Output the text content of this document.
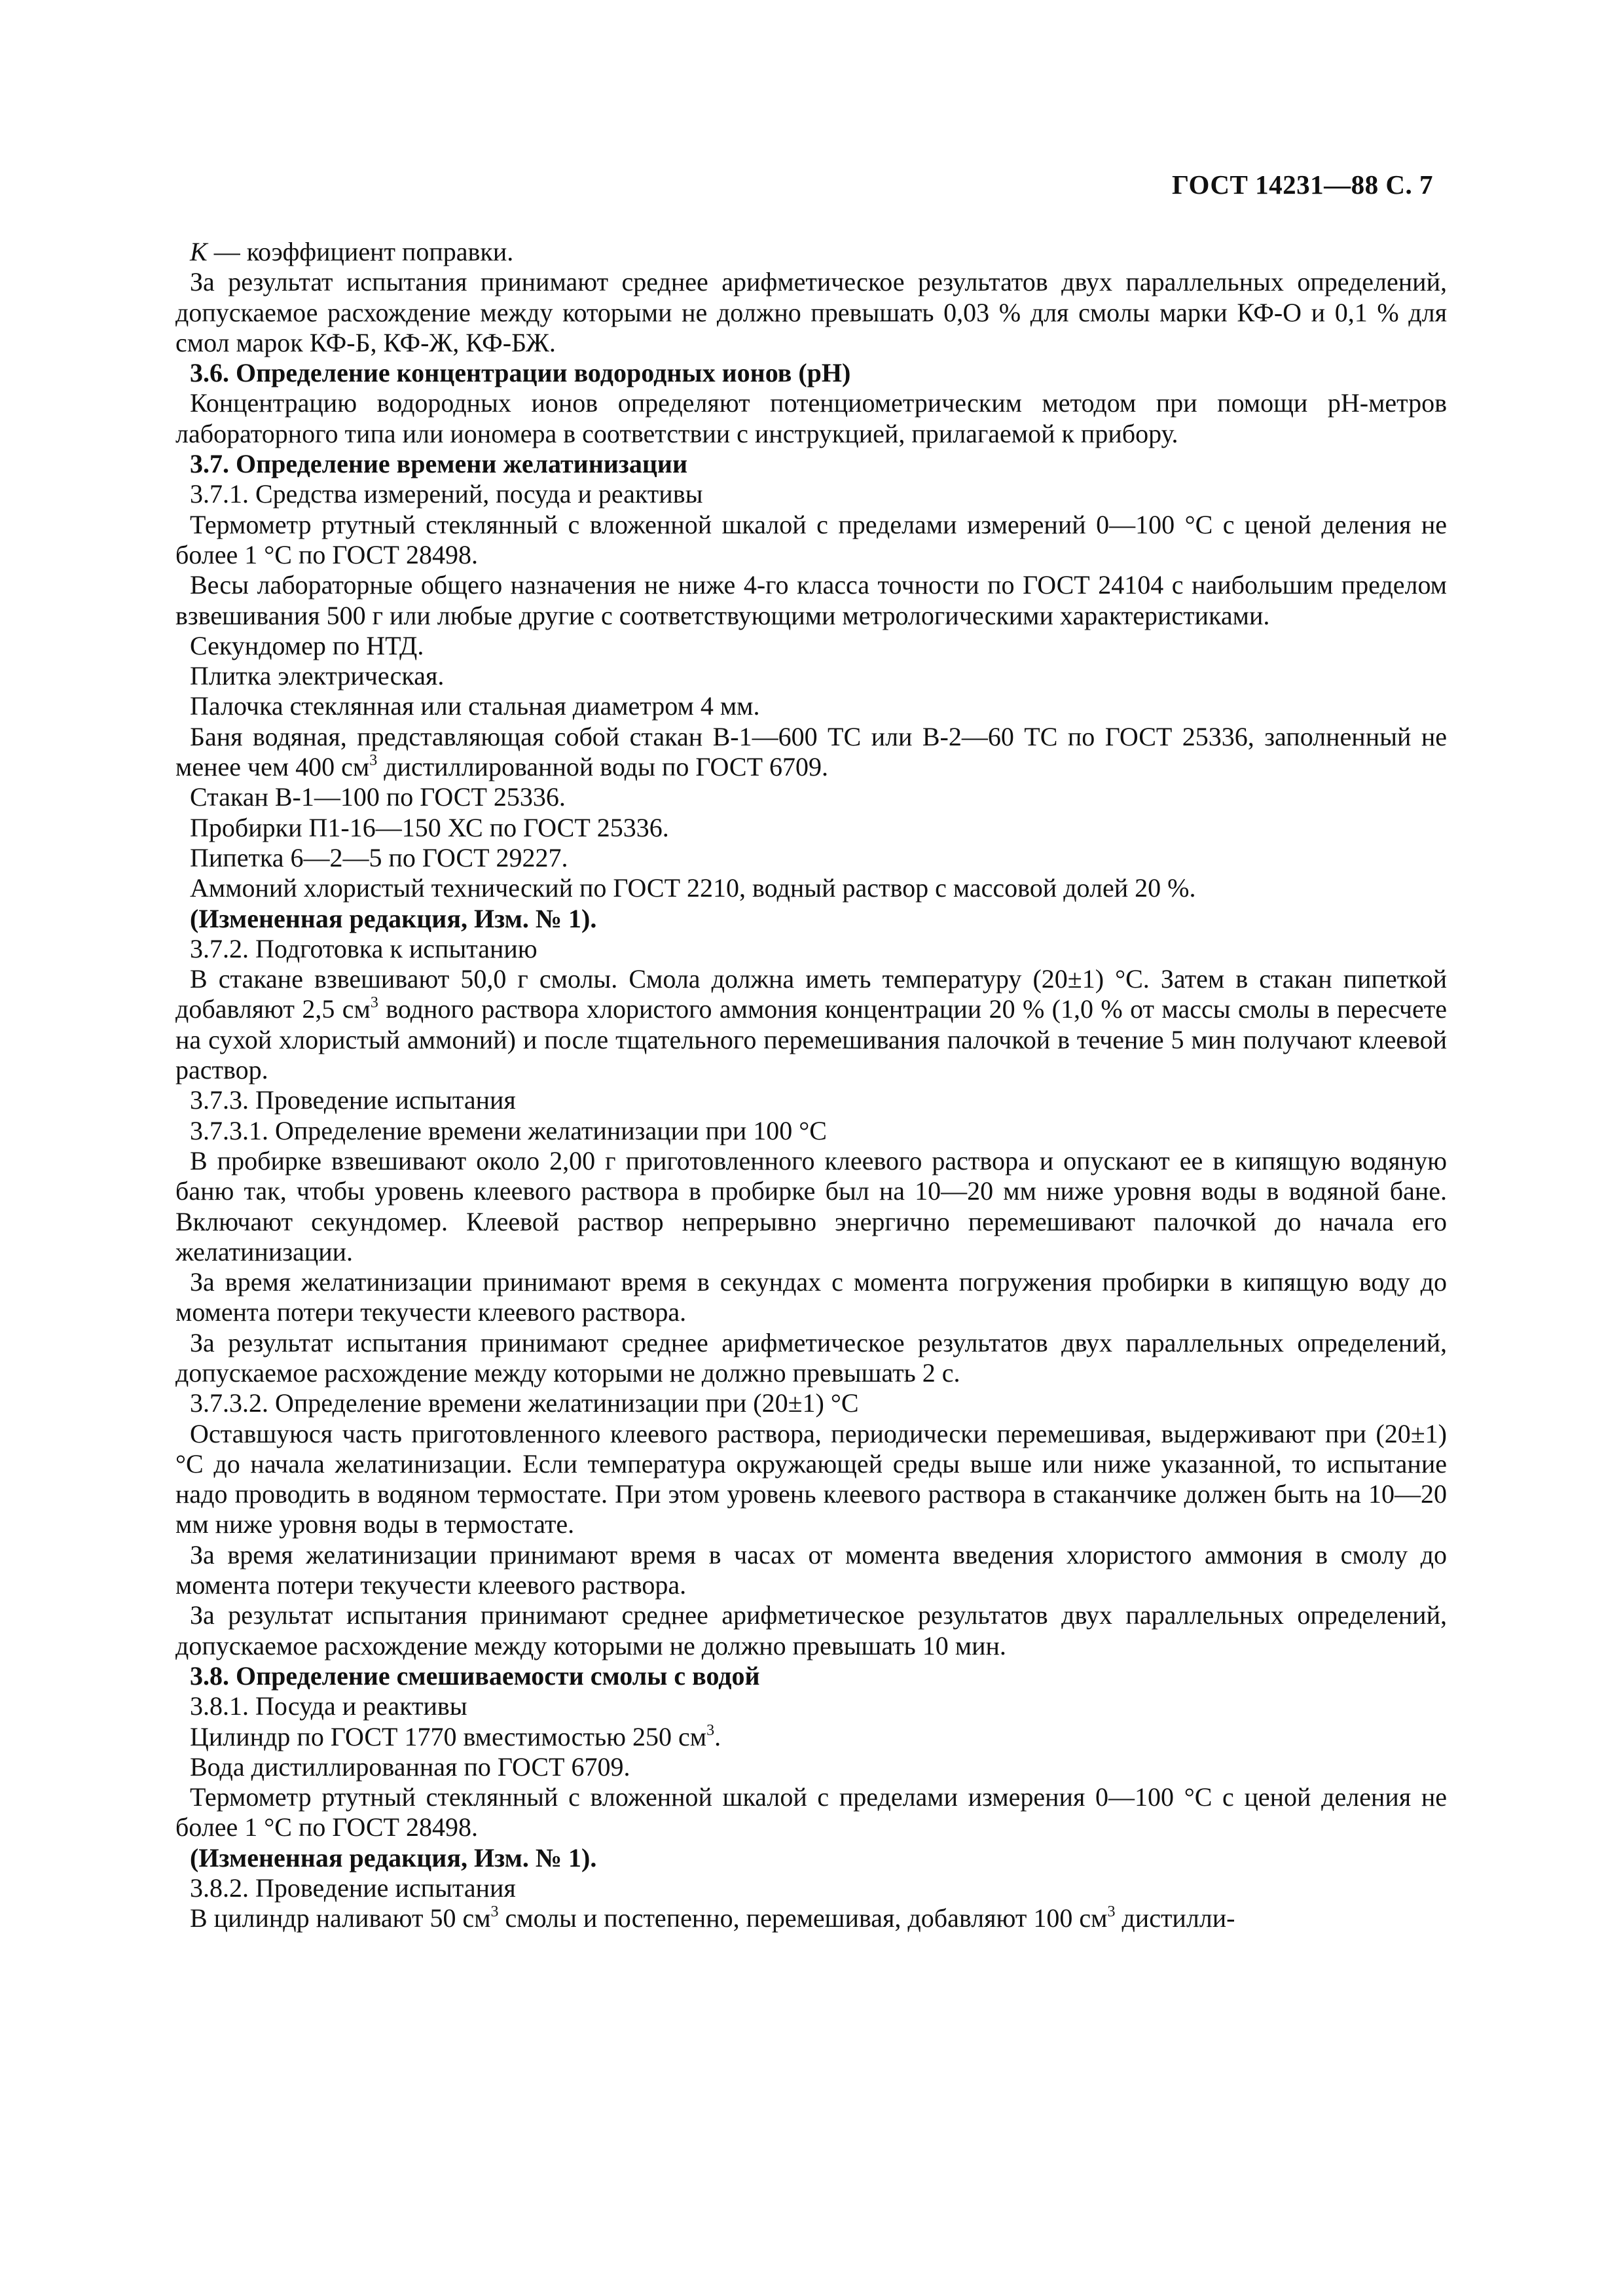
ГОСТ 14231—88 С. 7

K — коэффициент поправки.

За результат испытания принимают среднее арифметическое результатов двух параллельных определений, допускаемое расхождение между которыми не должно превышать 0,03 % для смолы марки КФ-О и 0,1 % для смол марок КФ-Б, КФ-Ж, КФ-БЖ.

3.6. Определение концентрации водородных ионов (pH)

Концентрацию водородных ионов определяют потенциометрическим методом при помощи pH-метров лабораторного типа или иономера в соответствии с инструкцией, прилагаемой к прибору.

3.7. Определение времени желатинизации

3.7.1. Средства измерений, посуда и реактивы

Термометр ртутный стеклянный с вложенной шкалой с пределами измерений 0—100 °С с ценой деления не более 1 °С по ГОСТ 28498.

Весы лабораторные общего назначения не ниже 4-го класса точности по ГОСТ 24104 с наибольшим пределом взвешивания 500 г или любые другие с соответствующими метрологическими характеристиками.

Секундомер по НТД.

Плитка электрическая.

Палочка стеклянная или стальная диаметром 4 мм.

Баня водяная, представляющая собой стакан В-1—600 ТС или В-2—60 ТС по ГОСТ 25336, заполненный не менее чем 400 $см^3$ дистиллированной воды по ГОСТ 6709.

Стакан В-1—100 по ГОСТ 25336.

Пробирки П1-16—150 ХС по ГОСТ 25336.

Пипетка 6—2—5 по ГОСТ 29227.

Аммоний хлористый технический по ГОСТ 2210, водный раствор с массовой долей 20 %.

(Измененная редакция, Изм. № 1).

3.7.2. Подготовка к испытанию

В стакане взвешивают 50,0 г смолы. Смола должна иметь температуру (20±1) °С. Затем в стакан пипеткой добавляют 2,5 $см^3$ водного раствора хлористого аммония концентрации 20 % (1,0 % от массы смолы в пересчете на сухой хлористый аммоний) и после тщательного перемешивания палочкой в течение 5 мин получают клеевой раствор.

3.7.3. Проведение испытания

3.7.3.1. Определение времени желатинизации при 100 °С

В пробирке взвешивают около 2,00 г приготовленного клеевого раствора и опускают ее в кипящую водяную баню так, чтобы уровень клеевого раствора в пробирке был на 10—20 мм ниже уровня воды в водяной бане. Включают секундомер. Клеевой раствор непрерывно энергично перемешивают палочкой до начала его желатинизации.

За время желатинизации принимают время в секундах с момента погружения пробирки в кипящую воду до момента потери текучести клеевого раствора.

За результат испытания принимают среднее арифметическое результатов двух параллельных определений, допускаемое расхождение между которыми не должно превышать 2 с.

3.7.3.2. Определение времени желатинизации при (20±1) °С

Оставшуюся часть приготовленного клеевого раствора, периодически перемешивая, выдерживают при (20±1) °С до начала желатинизации. Если температура окружающей среды выше или ниже указанной, то испытание надо проводить в водяном термостате. При этом уровень клеевого раствора в стаканчике должен быть на 10—20 мм ниже уровня воды в термостате.

За время желатинизации принимают время в часах от момента введения хлористого аммония в смолу до момента потери текучести клеевого раствора.

За результат испытания принимают среднее арифметическое результатов двух параллельных определений, допускаемое расхождение между которыми не должно превышать 10 мин.

3.8. Определение смешиваемости смолы с водой

3.8.1. Посуда и реактивы

Цилиндр по ГОСТ 1770 вместимостью 250 $см^3$.

Вода дистиллированная по ГОСТ 6709.

Термометр ртутный стеклянный с вложенной шкалой с пределами измерения 0—100 °С с ценой деления не более 1 °С по ГОСТ 28498.

(Измененная редакция, Изм. № 1).

3.8.2. Проведение испытания

В цилиндр наливают 50 $см^3$ смолы и постепенно, перемешивая, добавляют 100 $см^3$ дистилли-
